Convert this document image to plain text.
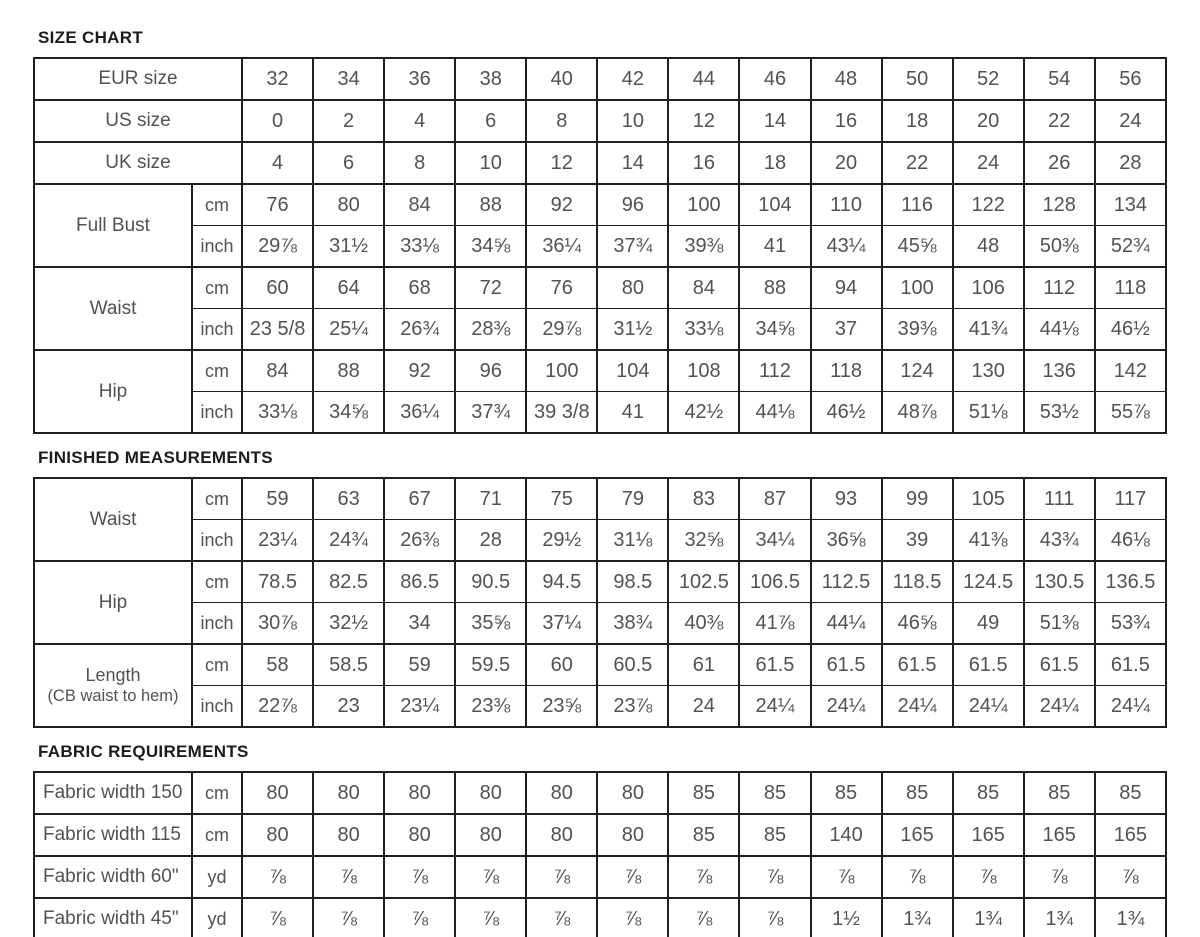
SIZE CHART
EUR size		32	34	36	38	40	42	44	46	48	50	52	54	56
US size		0	2	4	6	8	10	12	14	16	18	20	22	24
UK size		4	6	8	10	12	14	16	18	20	22	24	26	28

Full Bust	cm	76	80	84	88	92	96	100	104	110	116	122	128	134
	inch	29⅞	31½	33⅛	34⅝	36¼	37¾	39⅜	41	43¼	45⅝	48	50⅜	52¾

Waist	cm	60	64	68	72	76	80	84	88	94	100	106	112	118
	inch	23 5/8	25¼	26¾	28⅜	29⅞	31½	33⅛	34⅝	37	39⅜	41¾	44⅛	46½

Hip	cm	84	88	92	96	100	104	108	112	118	124	130	136	142
	inch	33⅛	34⅝	36¼	37¾	39 3/8	41	42½	44⅛	46½	48⅞	51⅛	53½	55⅞
FINISHED MEASUREMENTS
Waist	cm	59	63	67	71	75	79	83	87	93	99	105	111	117
	inch	23¼	24¾	26⅜	28	29½	31⅛	32⅝	34¼	36⅝	39	41⅜	43¾	46⅛

Hip	cm	78.5	82.5	86.5	90.5	94.5	98.5	102.5	106.5	112.5	118.5	124.5	130.5	136.5
	inch	30⅞	32½	34	35⅝	37¼	38¾	40⅜	41⅞	44¼	46⅝	49	51⅜	53¾

Length
(CB waist to hem)	cm	58	58.5	59	59.5	60	60.5	61	61.5	61.5	61.5	61.5	61.5	61.5
	inch	22⅞	23	23¼	23⅜	23⅝	23⅞	24	24¼	24¼	24¼	24¼	24¼	24¼
FABRIC REQUIREMENTS
Fabric width 150	cm	80	80	80	80	80	80	85	85	85	85	85	85	85
Fabric width 115	cm	80	80	80	80	80	80	85	85	140	165	165	165	165
Fabric width 60"	yd	⅞	⅞	⅞	⅞	⅞	⅞	⅞	⅞	⅞	⅞	⅞	⅞	⅞
Fabric width 45"	yd	⅞	⅞	⅞	⅞	⅞	⅞	⅞	⅞	1½	1¾	1¾	1¾	1¾
